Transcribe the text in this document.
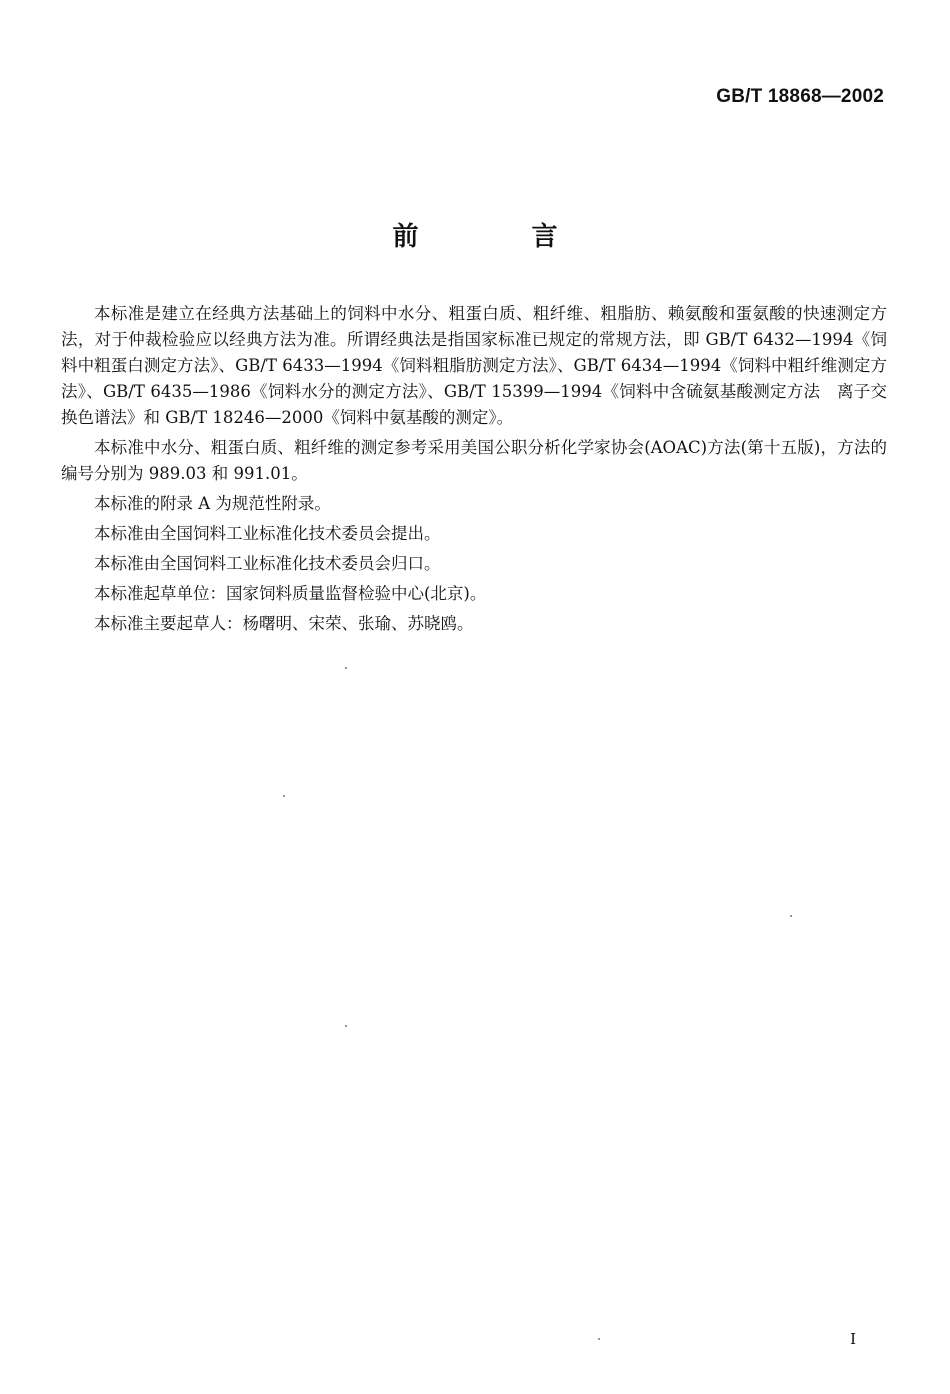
GB/T 18868—2002
前 言

本标准是建立在经典方法基础上的饲料中水分、粗蛋白质、粗纤维、粗脂肪、赖氨酸和蛋氨酸的快速测定方法，对于仲裁检验应以经典方法为准。所谓经典法是指国家标准已规定的常规方法，即 GB/T 6432—1994《饲料中粗蛋白测定方法》、GB/T 6433—1994《饲料粗脂肪测定方法》、GB/T 6434—1994《饲料中粗纤维测定方法》、GB/T 6435—1986《饲料水分的测定方法》、GB/T 15399—1994《饲料中含硫氨基酸测定方法　离子交换色谱法》和 GB/T 18246—2000《饲料中氨基酸的测定》。

本标准中水分、粗蛋白质、粗纤维的测定参考采用美国公职分析化学家协会(AOAC)方法(第十五版)，方法的编号分别为 989.03 和 991.01。

本标准的附录 A 为规范性附录。

本标准由全国饲料工业标准化技术委员会提出。

本标准由全国饲料工业标准化技术委员会归口。

本标准起草单位：国家饲料质量监督检验中心(北京)。

本标准主要起草人：杨曙明、宋荣、张瑜、苏晓鸥。

I
